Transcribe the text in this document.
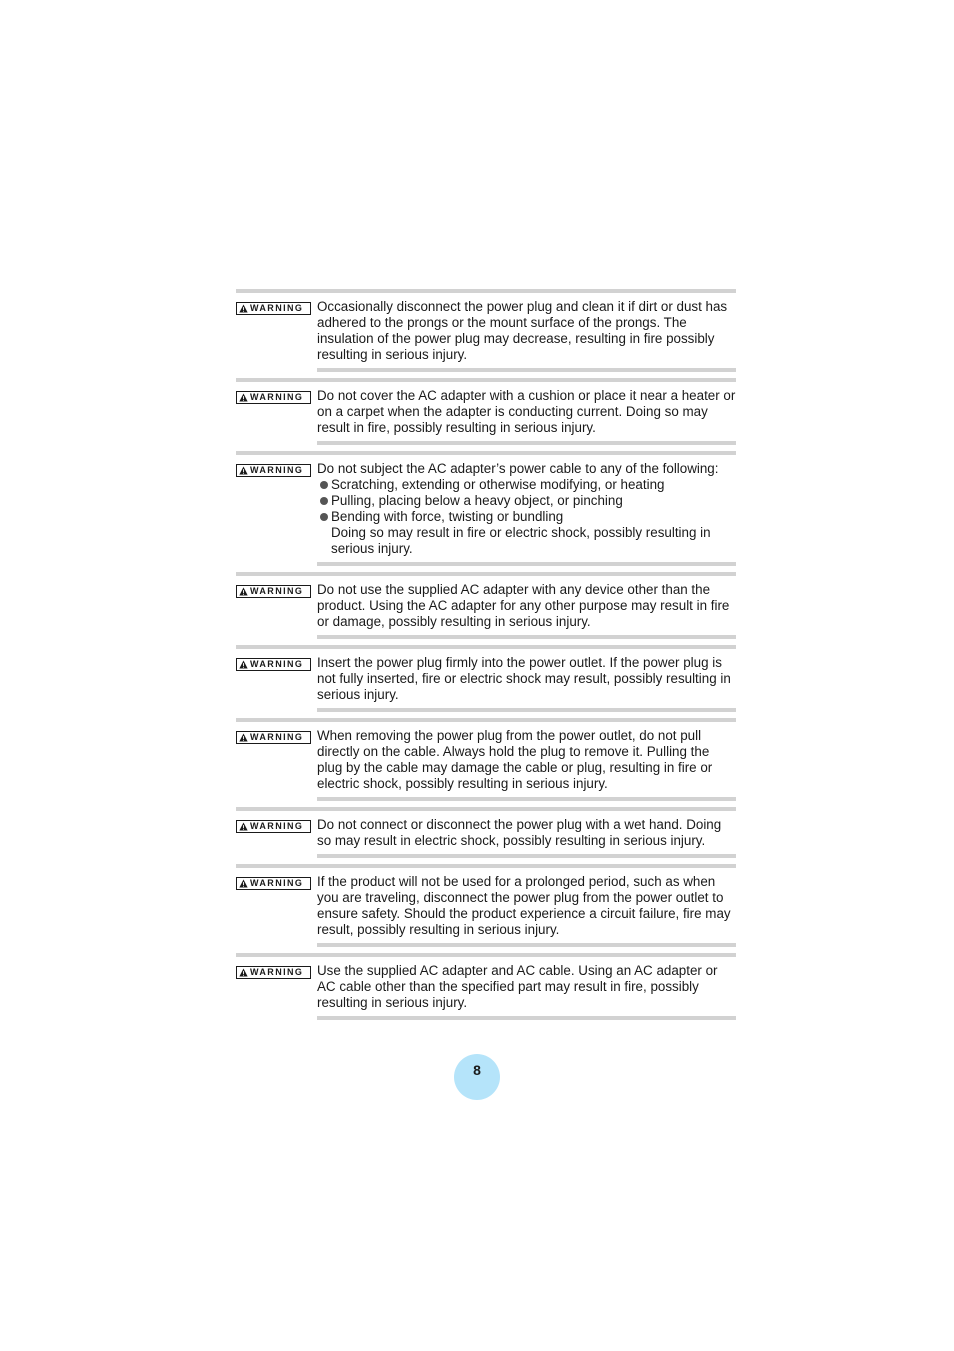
WARNING Occasionally disconnect the power plug and clean it if dirt or dust has adhered to the prongs or the mount surface of the prongs. The insulation of the power plug may decrease, resulting in fire possibly resulting in serious injury.

WARNING Do not cover the AC adapter with a cushion or place it near a heater or on a carpet when the adapter is conducting current. Doing so may result in fire, possibly resulting in serious injury.

WARNING Do not subject the AC adapter’s power cable to any of the following:

Scratching, extending or otherwise modifying, or heating
Pulling, placing below a heavy object, or pinching
Bending with force, twisting or bundling

Doing so may result in fire or electric shock, possibly resulting in serious injury.

WARNING Do not use the supplied AC adapter with any device other than the product. Using the AC adapter for any other purpose may result in fire or damage, possibly resulting in serious injury.

WARNING Insert the power plug firmly into the power outlet. If the power plug is not fully inserted, fire or electric shock may result, possibly resulting in serious injury.

WARNING When removing the power plug from the power outlet, do not pull directly on the cable. Always hold the plug to remove it. Pulling the plug by the cable may damage the cable or plug, resulting in fire or electric shock, possibly resulting in serious injury.

WARNING Do not connect or disconnect the power plug with a wet hand. Doing so may result in electric shock, possibly resulting in serious injury.

WARNING If the product will not be used for a prolonged period, such as when you are traveling, disconnect the power plug from the power outlet to ensure safety. Should the product experience a circuit failure, fire may result, possibly resulting in serious injury.

WARNING Use the supplied AC adapter and AC cable. Using an AC adapter or AC cable other than the specified part may result in fire, possibly resulting in serious injury.

8
